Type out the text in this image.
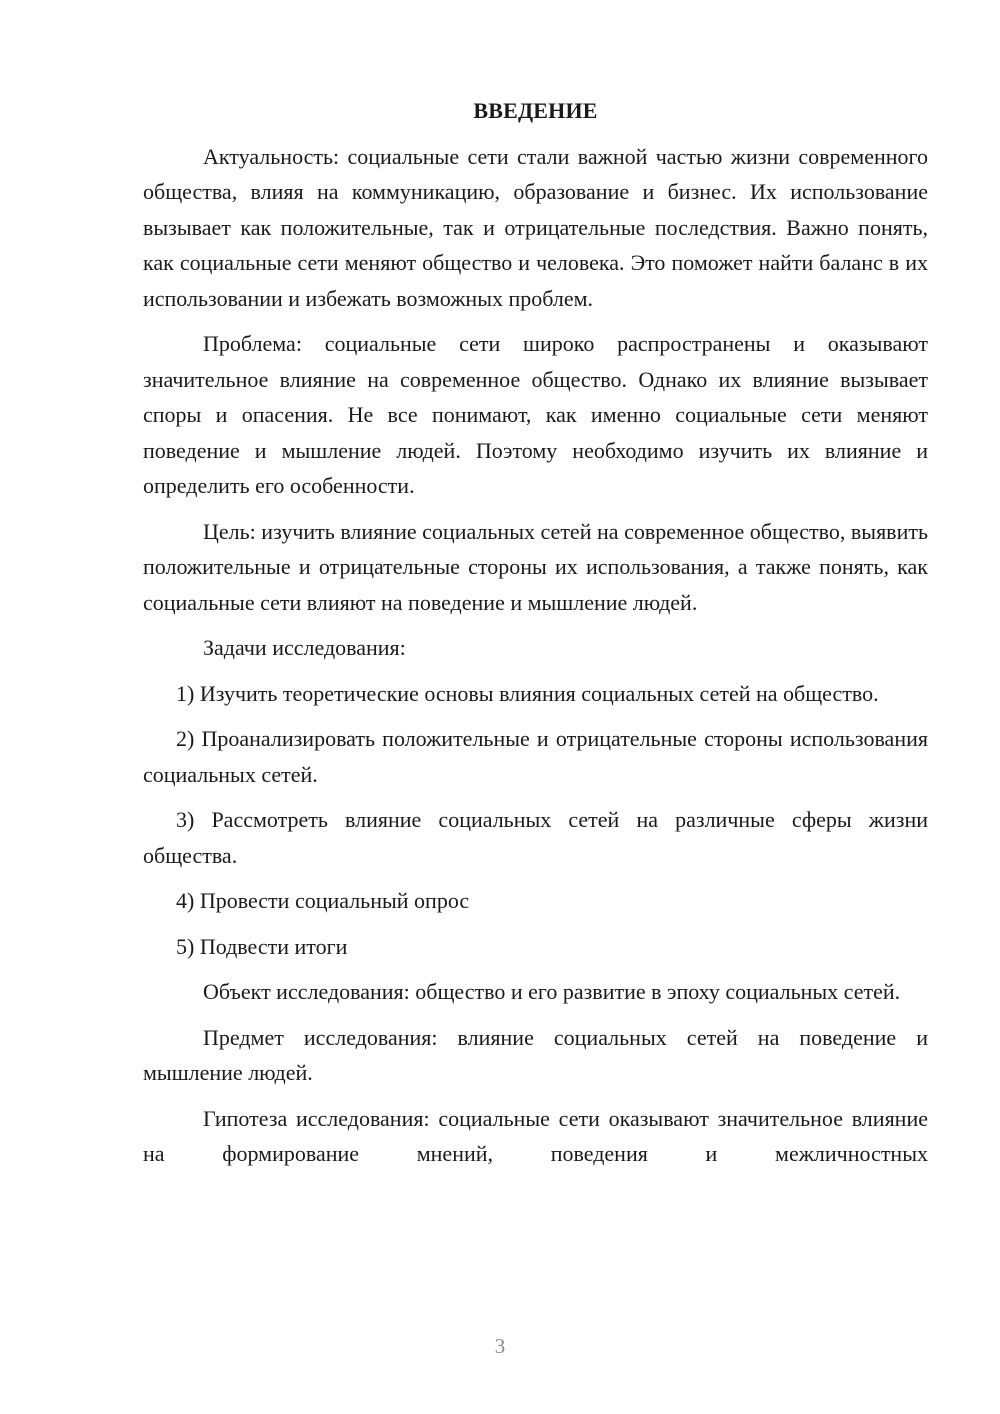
ВВЕДЕНИЕ

Актуальность: социальные сети стали важной частью жизни современного общества, влияя на коммуникацию, образование и бизнес. Их использование вызывает как положительные, так и отрицательные последствия. Важно понять, как социальные сети меняют общество и человека. Это поможет найти баланс в их использовании и избежать возможных проблем.

Проблема: социальные сети широко распространены и оказывают значительное влияние на современное общество. Однако их влияние вызывает споры и опасения. Не все понимают, как именно социальные сети меняют поведение и мышление людей. Поэтому необходимо изучить их влияние и определить его особенности.

Цель: изучить влияние социальных сетей на современное общество, выявить положительные и отрицательные стороны их использования, а также понять, как социальные сети влияют на поведение и мышление людей.

Задачи исследования:

1) Изучить теоретические основы влияния социальных сетей на общество.

2) Проанализировать положительные и отрицательные стороны использования социальных сетей.

3) Рассмотреть влияние социальных сетей на различные сферы жизни общества.

4) Провести социальный опрос

5) Подвести итоги

Объект исследования: общество и его развитие в эпоху социальных сетей.

Предмет исследования: влияние социальных сетей на поведение и мышление людей.

Гипотеза исследования: социальные сети оказывают значительное влияние на формирование мнений, поведения и межличностных

3
